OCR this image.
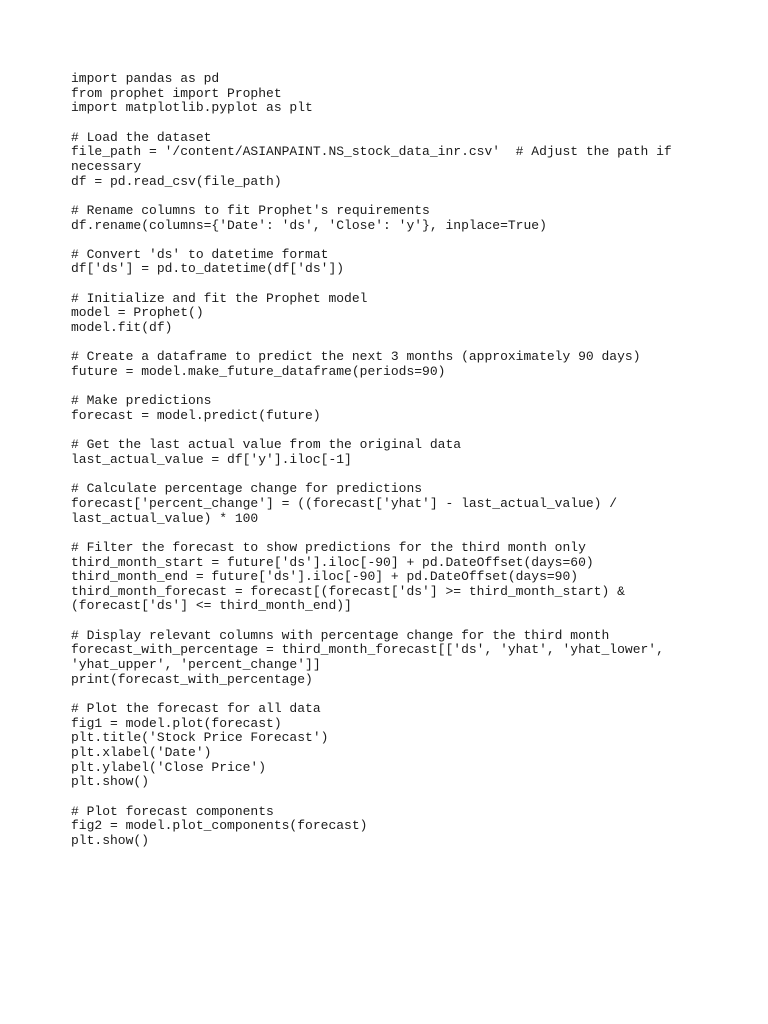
import pandas as pd
from prophet import Prophet
import matplotlib.pyplot as plt
# Load the dataset
file_path = '/content/ASIANPAINT.NS_stock_data_inr.csv'  # Adjust the path if
necessary
df = pd.read_csv(file_path)
# Rename columns to fit Prophet's requirements
df.rename(columns={'Date': 'ds', 'Close': 'y'}, inplace=True)
# Convert 'ds' to datetime format
df['ds'] = pd.to_datetime(df['ds'])
# Initialize and fit the Prophet model
model = Prophet()
model.fit(df)
# Create a dataframe to predict the next 3 months (approximately 90 days)
future = model.make_future_dataframe(periods=90)
# Make predictions
forecast = model.predict(future)
# Get the last actual value from the original data
last_actual_value = df['y'].iloc[-1]
# Calculate percentage change for predictions
forecast['percent_change'] = ((forecast['yhat'] - last_actual_value) /
last_actual_value) * 100
# Filter the forecast to show predictions for the third month only
third_month_start = future['ds'].iloc[-90] + pd.DateOffset(days=60)
third_month_end = future['ds'].iloc[-90] + pd.DateOffset(days=90)
third_month_forecast = forecast[(forecast['ds'] >= third_month_start) &
(forecast['ds'] <= third_month_end)]
# Display relevant columns with percentage change for the third month
forecast_with_percentage = third_month_forecast[['ds', 'yhat', 'yhat_lower',
'yhat_upper', 'percent_change']]
print(forecast_with_percentage)
# Plot the forecast for all data
fig1 = model.plot(forecast)
plt.title('Stock Price Forecast')
plt.xlabel('Date')
plt.ylabel('Close Price')
plt.show()
# Plot forecast components
fig2 = model.plot_components(forecast)
plt.show()
